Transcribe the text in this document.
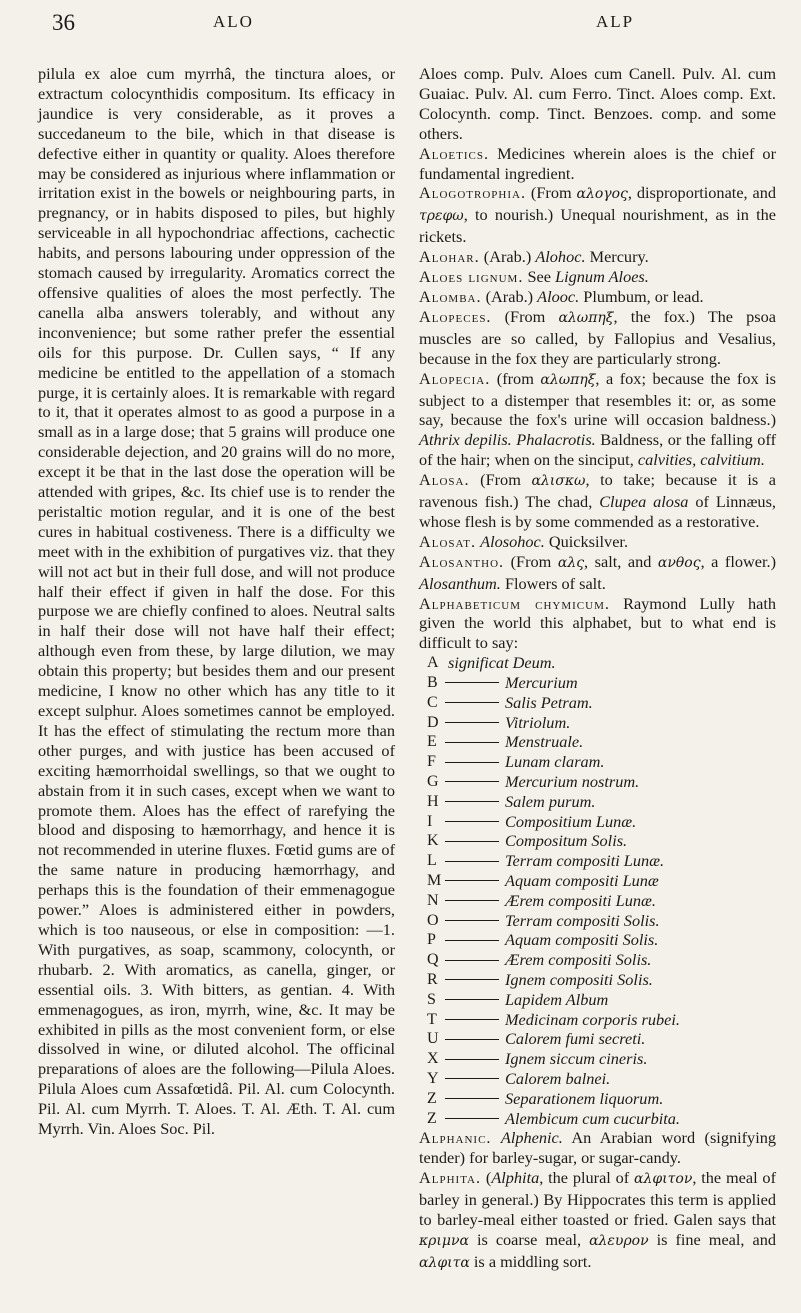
36	ALO	ALP

pilula ex aloe cum myrrhâ, the tinctura aloes, or extractum colocynthidis compositum. Its efficacy in jaundice is very considerable, as it proves a succedaneum to the bile, which in that disease is defective either in quantity or quality. Aloes therefore may be considered as injurious where inflammation or irritation exist in the bowels or neighbouring parts, in pregnancy, or in habits disposed to piles, but highly serviceable in all hypochondriac affections, cachectic habits, and persons labouring under oppression of the stomach caused by irregularity. Aromatics correct the offensive qualities of aloes the most perfectly. The canella alba answers tolerably, and without any inconvenience; but some rather prefer the essential oils for this purpose. Dr. Cullen says, “ If any medicine be entitled to the appellation of a stomach purge, it is certainly aloes. It is remarkable with regard to it, that it operates almost to as good a purpose in a small as in a large dose; that 5 grains will produce one considerable dejection, and 20 grains will do no more, except it be that in the last dose the operation will be attended with gripes, &c. Its chief use is to render the peristaltic motion regular, and it is one of the best cures in habitual costiveness. There is a difficulty we meet with in the exhibition of purgatives viz. that they will not act but in their full dose, and will not produce half their effect if given in half the dose. For this purpose we are chiefly confined to aloes. Neutral salts in half their dose will not have half their effect; although even from these, by large dilution, we may obtain this property; but besides them and our present medicine, I know no other which has any title to it except sulphur. Aloes sometimes cannot be employed. It has the effect of stimulating the rectum more than other purges, and with justice has been accused of exciting hæmorrhoidal swellings, so that we ought to abstain from it in such cases, except when we want to promote them. Aloes has the effect of rarefying the blood and disposing to hæmorrhagy, and hence it is not recommended in uterine fluxes. Fœtid gums are of the same nature in producing hæmorrhagy, and perhaps this is the foundation of their emmenagogue power.” Aloes is administered either in powders, which is too nauseous, or else in composition: —1. With purgatives, as soap, scammony, colocynth, or rhubarb. 2. With aromatics, as canella, ginger, or essential oils. 3. With bitters, as gentian. 4. With emmenagogues, as iron, myrrh, wine, &c. It may be exhibited in pills as the most convenient form, or else dissolved in wine, or diluted alcohol. The officinal preparations of aloes are the following—Pilula Aloes. Pilula Aloes cum Assafœtidâ. Pil. Al. cum Colocynth. Pil. Al. cum Myrrh. T. Aloes. T. Al. Æth. T. Al. cum Myrrh. Vin. Aloes Soc. Pil.

Aloes comp. Pulv. Aloes cum Canell. Pulv. Al. cum Guaiac. Pulv. Al. cum Ferro. Tinct. Aloes comp. Ext. Colocynth. comp. Tinct. Benzoes. comp. and some others.

Aloetics. Medicines wherein aloes is the chief or fundamental ingredient.

Alogotrophia. (From αλογος, disproportionate, and τρεφω, to nourish.) Unequal nourishment, as in the rickets.

Alohar. (Arab.) Alohoc. Mercury.

Aloes lignum. See Lignum Aloes.

Alomba. (Arab.) Alooc. Plumbum, or lead.

Alopeces. (From αλωπηξ, the fox.) The psoa muscles are so called, by Fallopius and Vesalius, because in the fox they are particularly strong.

Alopecia. (from αλωπηξ, a fox; because the fox is subject to a distemper that resembles it: or, as some say, because the fox's urine will occasion baldness.) Athrix depilis. Phalacrotis. Baldness, or the falling off of the hair; when on the sinciput, calvities, calvitium.

Alosa. (From αλισκω, to take; because it is a ravenous fish.) The chad, Clupea alosa of Linnæus, whose flesh is by some commended as a restorative.

Alosat. Alosohoc. Quicksilver.

Alosantho. (From αλς, salt, and ανθος, a flower.) Alosanthum. Flowers of salt.

Alphabeticum chymicum. Raymond Lully hath given the world this alphabet, but to what end is difficult to say:

A significat Deum.
B	Mercurium
C	Salis Petram.
D	Vitriolum.
E	Menstruale.
F	Lunam claram.
G	Mercurium nostrum.
H	Salem purum.
I	Compositium Lunæ.
K	Compositum Solis.
L	Terram compositi Lunæ.
M	Aquam compositi Lunæ
N	Ærem compositi Lunæ.
O	Terram compositi Solis.
P	Aquam compositi Solis.
Q	Ærem compositi Solis.
R	Ignem compositi Solis.
S	Lapidem Album
T	Medicinam corporis rubei.
U	Calorem fumi secreti.
X	Ignem siccum cineris.
Y	Calorem balnei.
Z	Separationem liquorum.
Z	Alembicum cum cucurbita.

Alphanic. Alphenic. An Arabian word (signifying tender) for barley-sugar, or sugar-candy.

Alphita. (Alphita, the plural of αλφιτον, the meal of barley in general.) By Hippocrates this term is applied to barley-meal either toasted or fried. Galen says that κριμνα is coarse meal, αλευρον is fine meal, and αλφιτα is a middling sort.
